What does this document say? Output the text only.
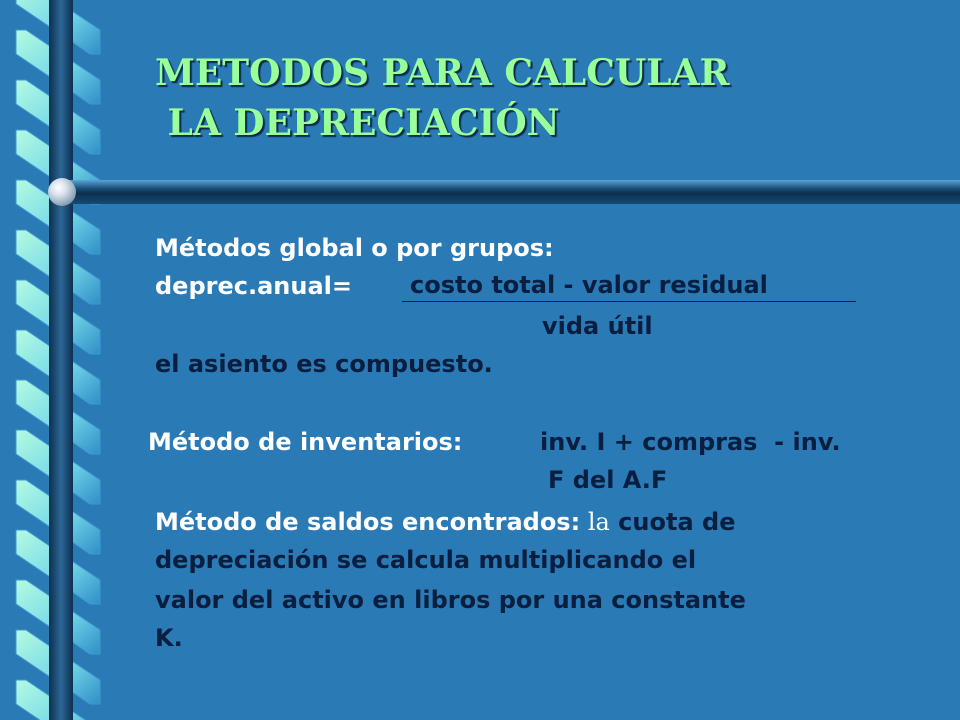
METODOS PARA CALCULAR
LA DEPRECIACIÓN
Métodos global o por grupos:
deprec.anual=	costo total - valor residual
vida útil
el asiento es compuesto.
Método de inventarios:	inv. I + compras  - inv.
F del A.F
Método de saldos encontrados: la cuota de
depreciación se calcula multiplicando el
valor del activo en libros por una constante
K.
